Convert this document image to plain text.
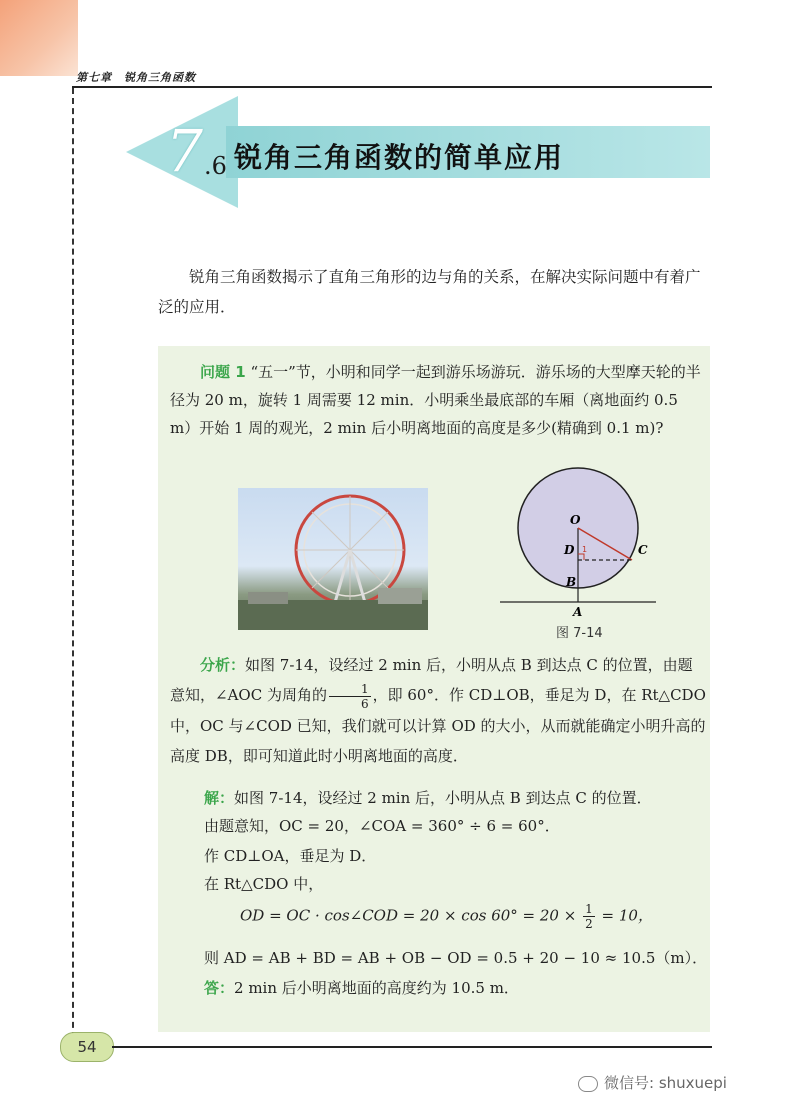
第七章　锐角三角函数
7 .6 锐角三角函数的简单应用
锐角三角函数揭示了直角三角形的边与角的关系，在解决实际问题中有着广泛的应用．
问题 1 “五一”节，小明和同学一起到游乐场游玩．游乐场的大型摩天轮的半径为 20 m，旋转 1 周需要 12 min．小明乘坐最底部的车厢（离地面约 0.5 m）开始 1 周的观光，2 min 后小明离地面的高度是多少(精确到 0.1 m)?
O
D	C
B
A
1
图 7-14
分析：如图 7-14，设经过 2 min 后，小明从点 B 到达点 C 的位置，由题意知，∠AOC 为周角的 $\frac{1}{6}$ ，即 60°．作 CD⊥OB，垂足为 D，在 Rt△CDO 中，OC 与∠COD 已知，我们就可以计算 OD 的大小，从而就能确定小明升高的高度 DB，即可知道此时小明离地面的高度．
解：如图 7-14，设经过 2 min 后，小明从点 B 到达点 C 的位置．
由题意知，OC = 20，∠COA = 360° ÷ 6 = 60°．
作 CD⊥OA，垂足为 D．
在 Rt△CDO 中，
OD = OC · cos∠COD = $20 \times \cos 60^\circ = 20 \times \frac{1}{2} = 10$，
则 AD = AB + BD = AB + OB − OD = 0.5 + 20 − 10 ≈ 10.5（m）．
答：2 min 后小明离地面的高度约为 10.5 m．
54
微信号: shuxuepi
